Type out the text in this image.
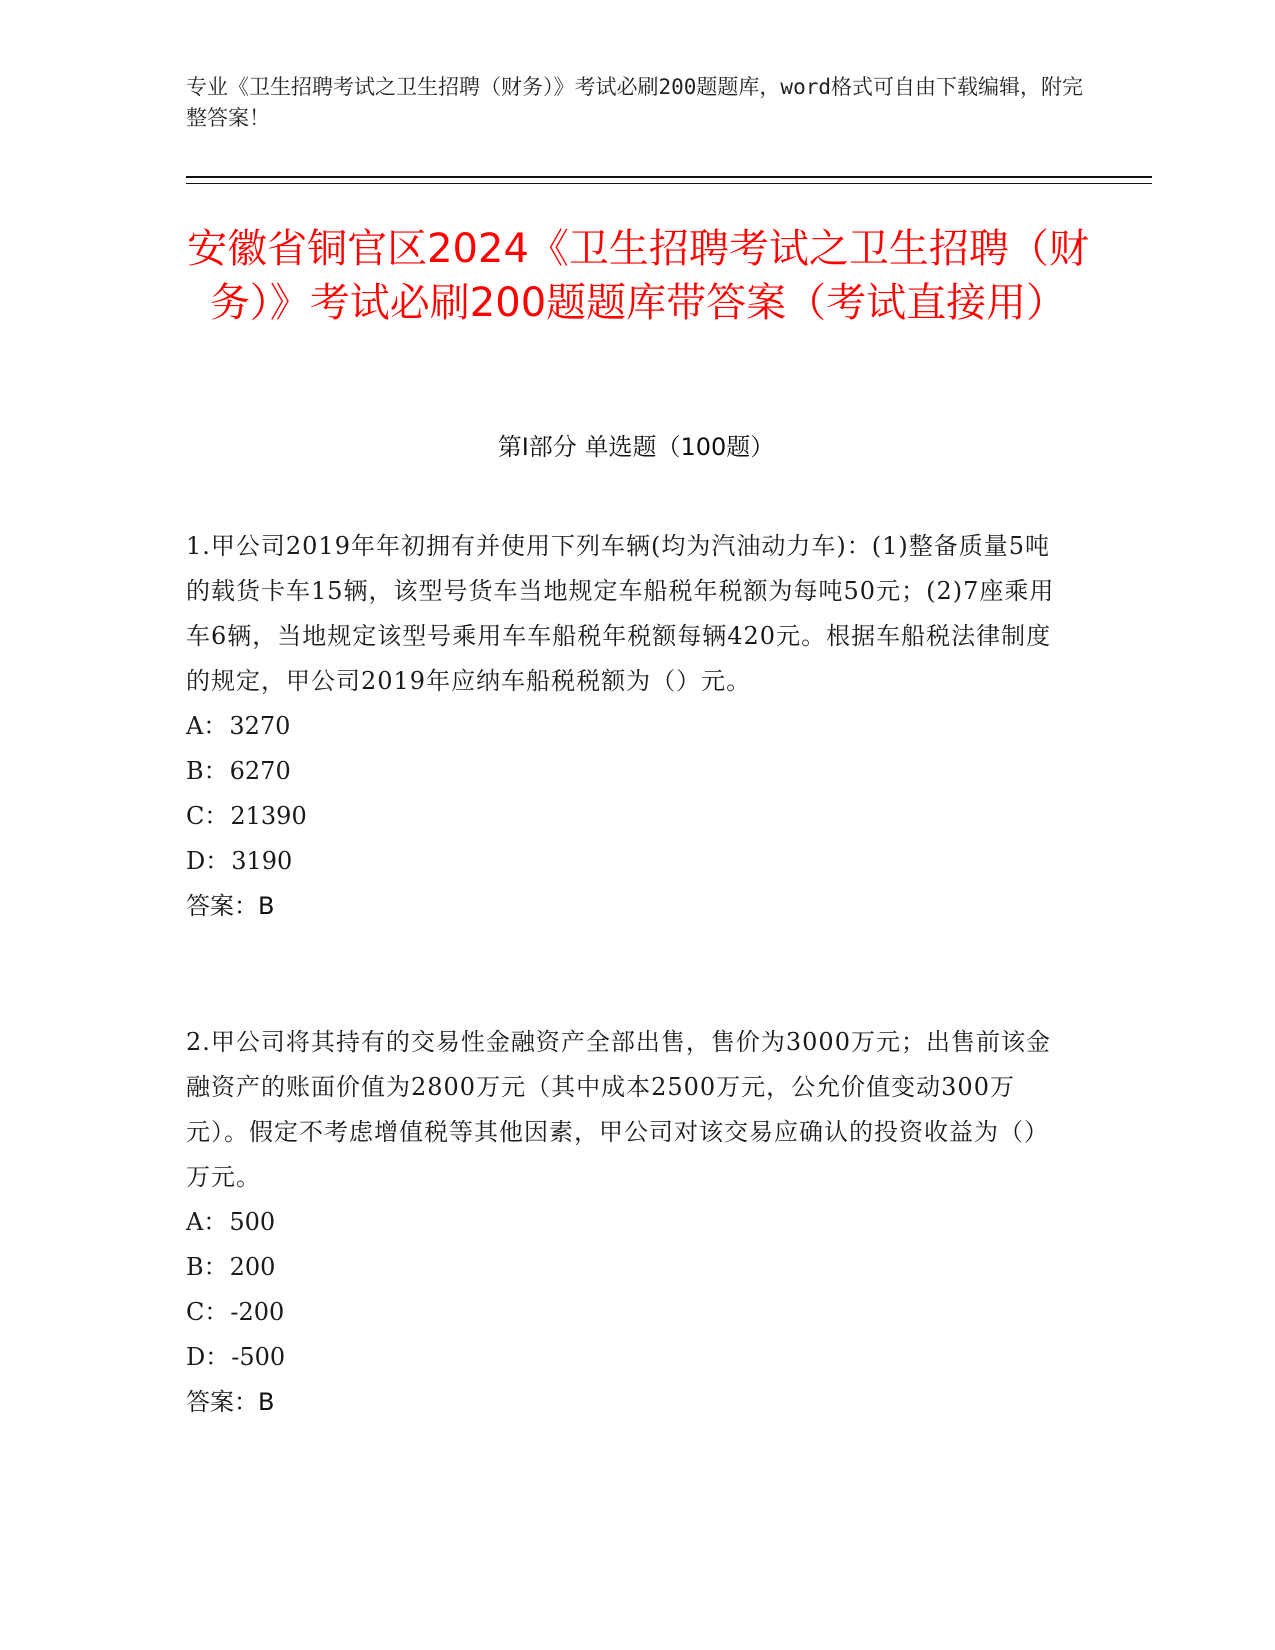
专业《卫生招聘考试之卫生招聘（财务）》考试必刷200题题库，word格式可自由下载编辑，附完整答案！
安徽省铜官区2024《卫生招聘考试之卫生招聘（财务）》考试必刷200题题库带答案（考试直接用）
第I部分 单选题（100题）

1.甲公司2019年年初拥有并使用下列车辆(均为汽油动力车)：(1)整备质量5吨的载货卡车15辆，该型号货车当地规定车船税年税额为每吨50元；(2)7座乘用车6辆，当地规定该型号乘用车车船税年税额每辆420元。根据车船税法律制度的规定，甲公司2019年应纳车船税税额为（）元。

A： 3270

B： 6270

C： 21390

D： 3190

答案：B

2.甲公司将其持有的交易性金融资产全部出售，售价为3000万元；出售前该金融资产的账面价值为2800万元（其中成本2500万元，公允价值变动300万元）。假定不考虑增值税等其他因素，甲公司对该交易应确认的投资收益为（）万元。

A： 500

B： 200

C： -200

D： -500

答案：B
